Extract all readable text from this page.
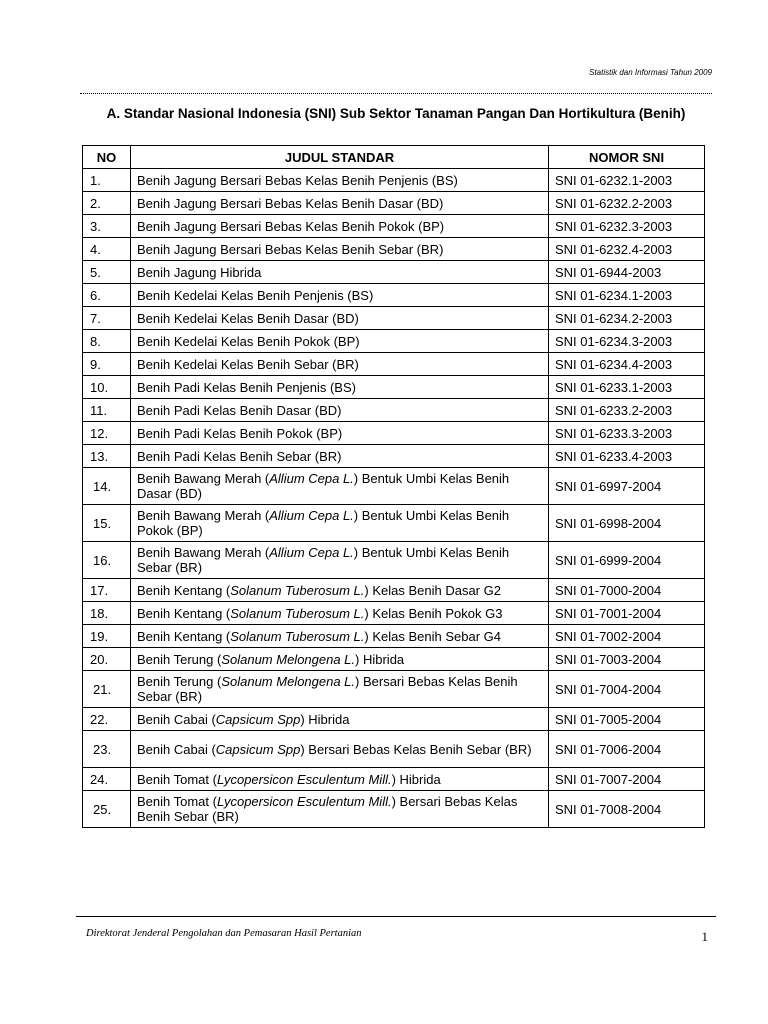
Statistik dan Informasi Tahun 2009
A. Standar Nasional Indonesia (SNI) Sub Sektor Tanaman Pangan Dan Hortikultura (Benih)
NO	JUDUL STANDAR	NOMOR SNI
1.	Benih Jagung Bersari Bebas Kelas Benih Penjenis (BS)	SNI 01-6232.1-2003
2.	Benih Jagung Bersari Bebas Kelas Benih Dasar (BD)	SNI 01-6232.2-2003
3.	Benih Jagung Bersari Bebas Kelas Benih Pokok (BP)	SNI 01-6232.3-2003
4.	Benih Jagung Bersari Bebas Kelas Benih Sebar (BR)	SNI 01-6232.4-2003
5.	Benih Jagung Hibrida	SNI 01-6944-2003
6.	Benih Kedelai Kelas Benih Penjenis (BS)	SNI 01-6234.1-2003
7.	Benih Kedelai Kelas Benih Dasar (BD)	SNI 01-6234.2-2003
8.	Benih Kedelai Kelas Benih Pokok (BP)	SNI 01-6234.3-2003
9.	Benih Kedelai Kelas Benih Sebar (BR)	SNI 01-6234.4-2003
10.	Benih Padi Kelas Benih Penjenis (BS)	SNI 01-6233.1-2003
11.	Benih Padi Kelas Benih Dasar (BD)	SNI 01-6233.2-2003
12.	Benih Padi Kelas Benih Pokok (BP)	SNI 01-6233.3-2003
13.	Benih Padi Kelas Benih Sebar (BR)	SNI 01-6233.4-2003
14.	Benih Bawang Merah (Allium Cepa L.) Bentuk Umbi Kelas Benih Dasar (BD)	SNI 01-6997-2004
15.	Benih Bawang Merah (Allium Cepa L.) Bentuk Umbi Kelas Benih Pokok (BP)	SNI 01-6998-2004
16.	Benih Bawang Merah (Allium Cepa L.) Bentuk Umbi Kelas Benih Sebar (BR)	SNI 01-6999-2004
17.	Benih Kentang (Solanum Tuberosum L.) Kelas Benih Dasar G2	SNI 01-7000-2004
18.	Benih Kentang (Solanum Tuberosum L.) Kelas Benih Pokok G3	SNI 01-7001-2004
19.	Benih Kentang (Solanum Tuberosum L.) Kelas Benih Sebar G4	SNI 01-7002-2004
20.	Benih Terung (Solanum Melongena L.) Hibrida	SNI 01-7003-2004
21.	Benih Terung (Solanum Melongena L.) Bersari Bebas Kelas Benih Sebar (BR)	SNI 01-7004-2004
22.	Benih Cabai (Capsicum Spp) Hibrida	SNI 01-7005-2004
23.	Benih Cabai (Capsicum Spp) Bersari Bebas Kelas Benih Sebar (BR)	SNI 01-7006-2004
24.	Benih Tomat (Lycopersicon Esculentum Mill.) Hibrida	SNI 01-7007-2004
25.	Benih Tomat (Lycopersicon Esculentum Mill.) Bersari Bebas Kelas Benih Sebar (BR)	SNI 01-7008-2004
Direktorat Jenderal Pengolahan dan Pemasaran Hasil Pertanian	1
